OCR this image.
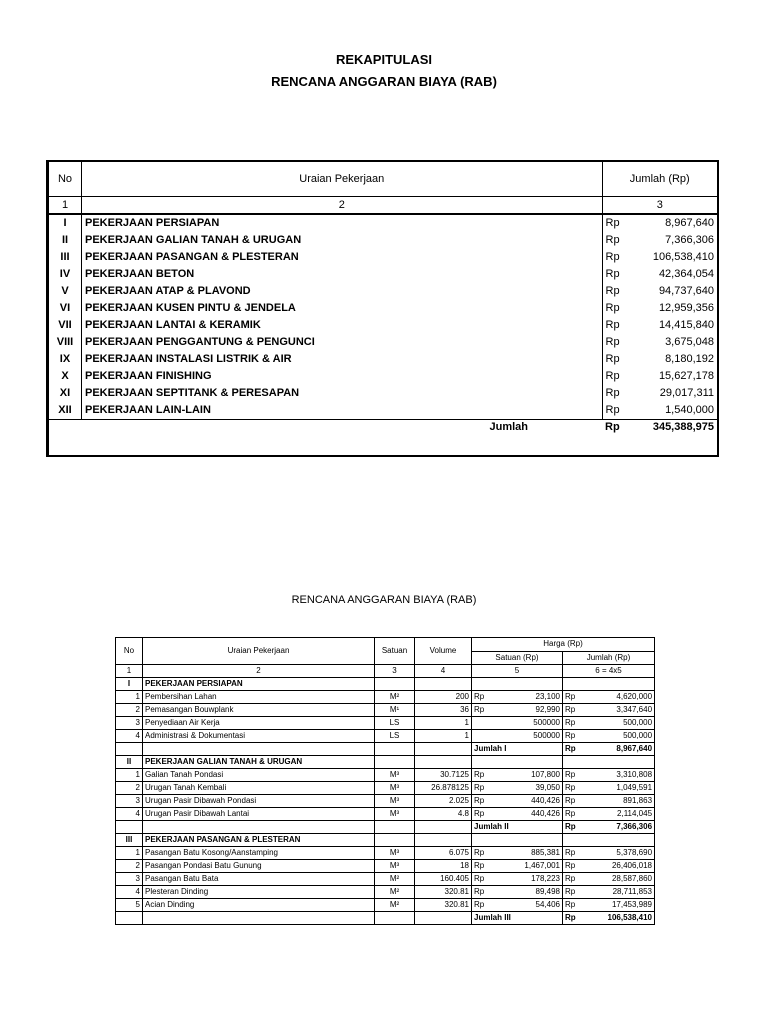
REKAPITULASI
RENCANA ANGGARAN BIAYA (RAB)
No	Uraian Pekerjaan	Jumlah (Rp)	
1	2	3	
I	PEKERJAAN PERSIAPAN	Rp	8,967,640
II	PEKERJAAN GALIAN TANAH & URUGAN	Rp	7,366,306
III	PEKERJAAN PASANGAN & PLESTERAN	Rp	106,538,410
IV	PEKERJAAN BETON	Rp	42,364,054
V	PEKERJAAN ATAP & PLAVOND	Rp	94,737,640
VI	PEKERJAAN KUSEN PINTU & JENDELA	Rp	12,959,356
VII	PEKERJAAN LANTAI & KERAMIK	Rp	14,415,840
VIII	PEKERJAAN PENGGANTUNG & PENGUNCI	Rp	3,675,048
IX	PEKERJAAN INSTALASI LISTRIK & AIR	Rp	8,180,192
X	PEKERJAAN FINISHING	Rp	15,627,178
XI	PEKERJAAN SEPTITANK & PERESAPAN	Rp	29,017,311
XII	PEKERJAAN LAIN-LAIN	Rp	1,540,000
Jumlah		Rp	345,388,975
RENCANA ANGGARAN BIAYA (RAB)
No	Uraian Pekerjaan	Satuan	Volume	Harga (Rp)			
				Satuan (Rp)		Jumlah (Rp)	
1	2	3	4	5		6 = 4x5	
I	PEKERJAAN PERSIAPAN						
1	Pembersihan Lahan	M²	200	Rp	23,100	Rp	4,620,000
2	Pemasangan Bouwplank	M¹	36	Rp	92,990	Rp	3,347,640
3	Penyediaan Air Kerja	LS	1		500000	Rp	500,000
4	Administrasi & Dokumentasi	LS	1		500000	Rp	500,000
				Jumlah I		Rp	8,967,640
II	PEKERJAAN GALIAN TANAH & URUGAN						
1	Galian Tanah Pondasi	M³	30.7125	Rp	107,800	Rp	3,310,808
2	Urugan Tanah Kembali	M³	26.878125	Rp	39,050	Rp	1,049,591
3	Urugan Pasir Dibawah Pondasi	M³	2.025	Rp	440,426	Rp	891,863
4	Urugan Pasir Dibawah Lantai	M³	4.8	Rp	440,426	Rp	2,114,045
				Jumlah II		Rp	7,366,306
III	PEKERJAAN PASANGAN & PLESTERAN						
1	Pasangan Batu Kosong/Aanstamping	M³	6.075	Rp	885,381	Rp	5,378,690
2	Pasangan Pondasi Batu Gunung	M³	18	Rp	1,467,001	Rp	26,406,018
3	Pasangan Batu Bata	M²	160.405	Rp	178,223	Rp	28,587,860
4	Plesteran Dinding	M²	320.81	Rp	89,498	Rp	28,711,853
5	Acian Dinding	M²	320.81	Rp	54,406	Rp	17,453,989
				Jumlah III		Rp	106,538,410
